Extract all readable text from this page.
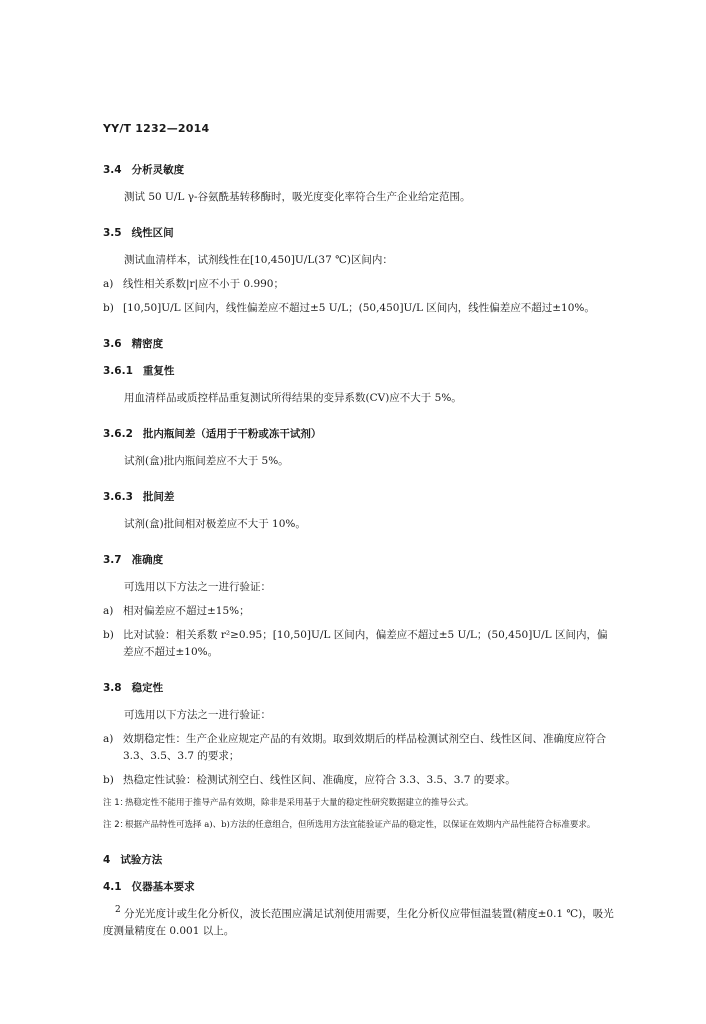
YY/T 1232—2014
3.4 分析灵敏度
测试 50 U/L γ-谷氨酰基转移酶时，吸光度变化率符合生产企业给定范围。
3.5 线性区间
测试血清样本，试剂线性在[10,450]U/L(37 ℃)区间内：
a) 线性相关系数|r|应不小于 0.990；
b) [10,50]U/L 区间内，线性偏差应不超过±5 U/L；(50,450]U/L 区间内，线性偏差应不超过±10%。
3.6 精密度
3.6.1 重复性
用血清样品或质控样品重复测试所得结果的变异系数(CV)应不大于 5%。
3.6.2 批内瓶间差（适用于干粉或冻干试剂）
试剂(盒)批内瓶间差应不大于 5%。
3.6.3 批间差
试剂(盒)批间相对极差应不大于 10%。
3.7 准确度
可选用以下方法之一进行验证：
a) 相对偏差应不超过±15%；
b) 比对试验：相关系数 r²≥0.95；[10,50]U/L 区间内，偏差应不超过±5 U/L；(50,450]U/L 区间内，偏差应不超过±10%。
3.8 稳定性
可选用以下方法之一进行验证：
a) 效期稳定性：生产企业应规定产品的有效期。取到效期后的样品检测试剂空白、线性区间、准确度应符合 3.3、3.5、3.7 的要求；
b) 热稳定性试验：检测试剂空白、线性区间、准确度，应符合 3.3、3.5、3.7 的要求。
注 1：
热稳定性不能用于推导产品有效期，除非是采用基于大量的稳定性研究数据建立的推导公式。
注 2：
根据产品特性可选择 a)、b)方法的任意组合，但所选用方法宜能验证产品的稳定性，以保证在效期内产品性能符合标准要求。
4 试验方法
4.1 仪器基本要求
分光光度计或生化分析仪，波长范围应满足试剂使用需要，生化分析仪应带恒温装置(精度±0.1 ℃)，吸光度测量精度在 0.001 以上。
2
